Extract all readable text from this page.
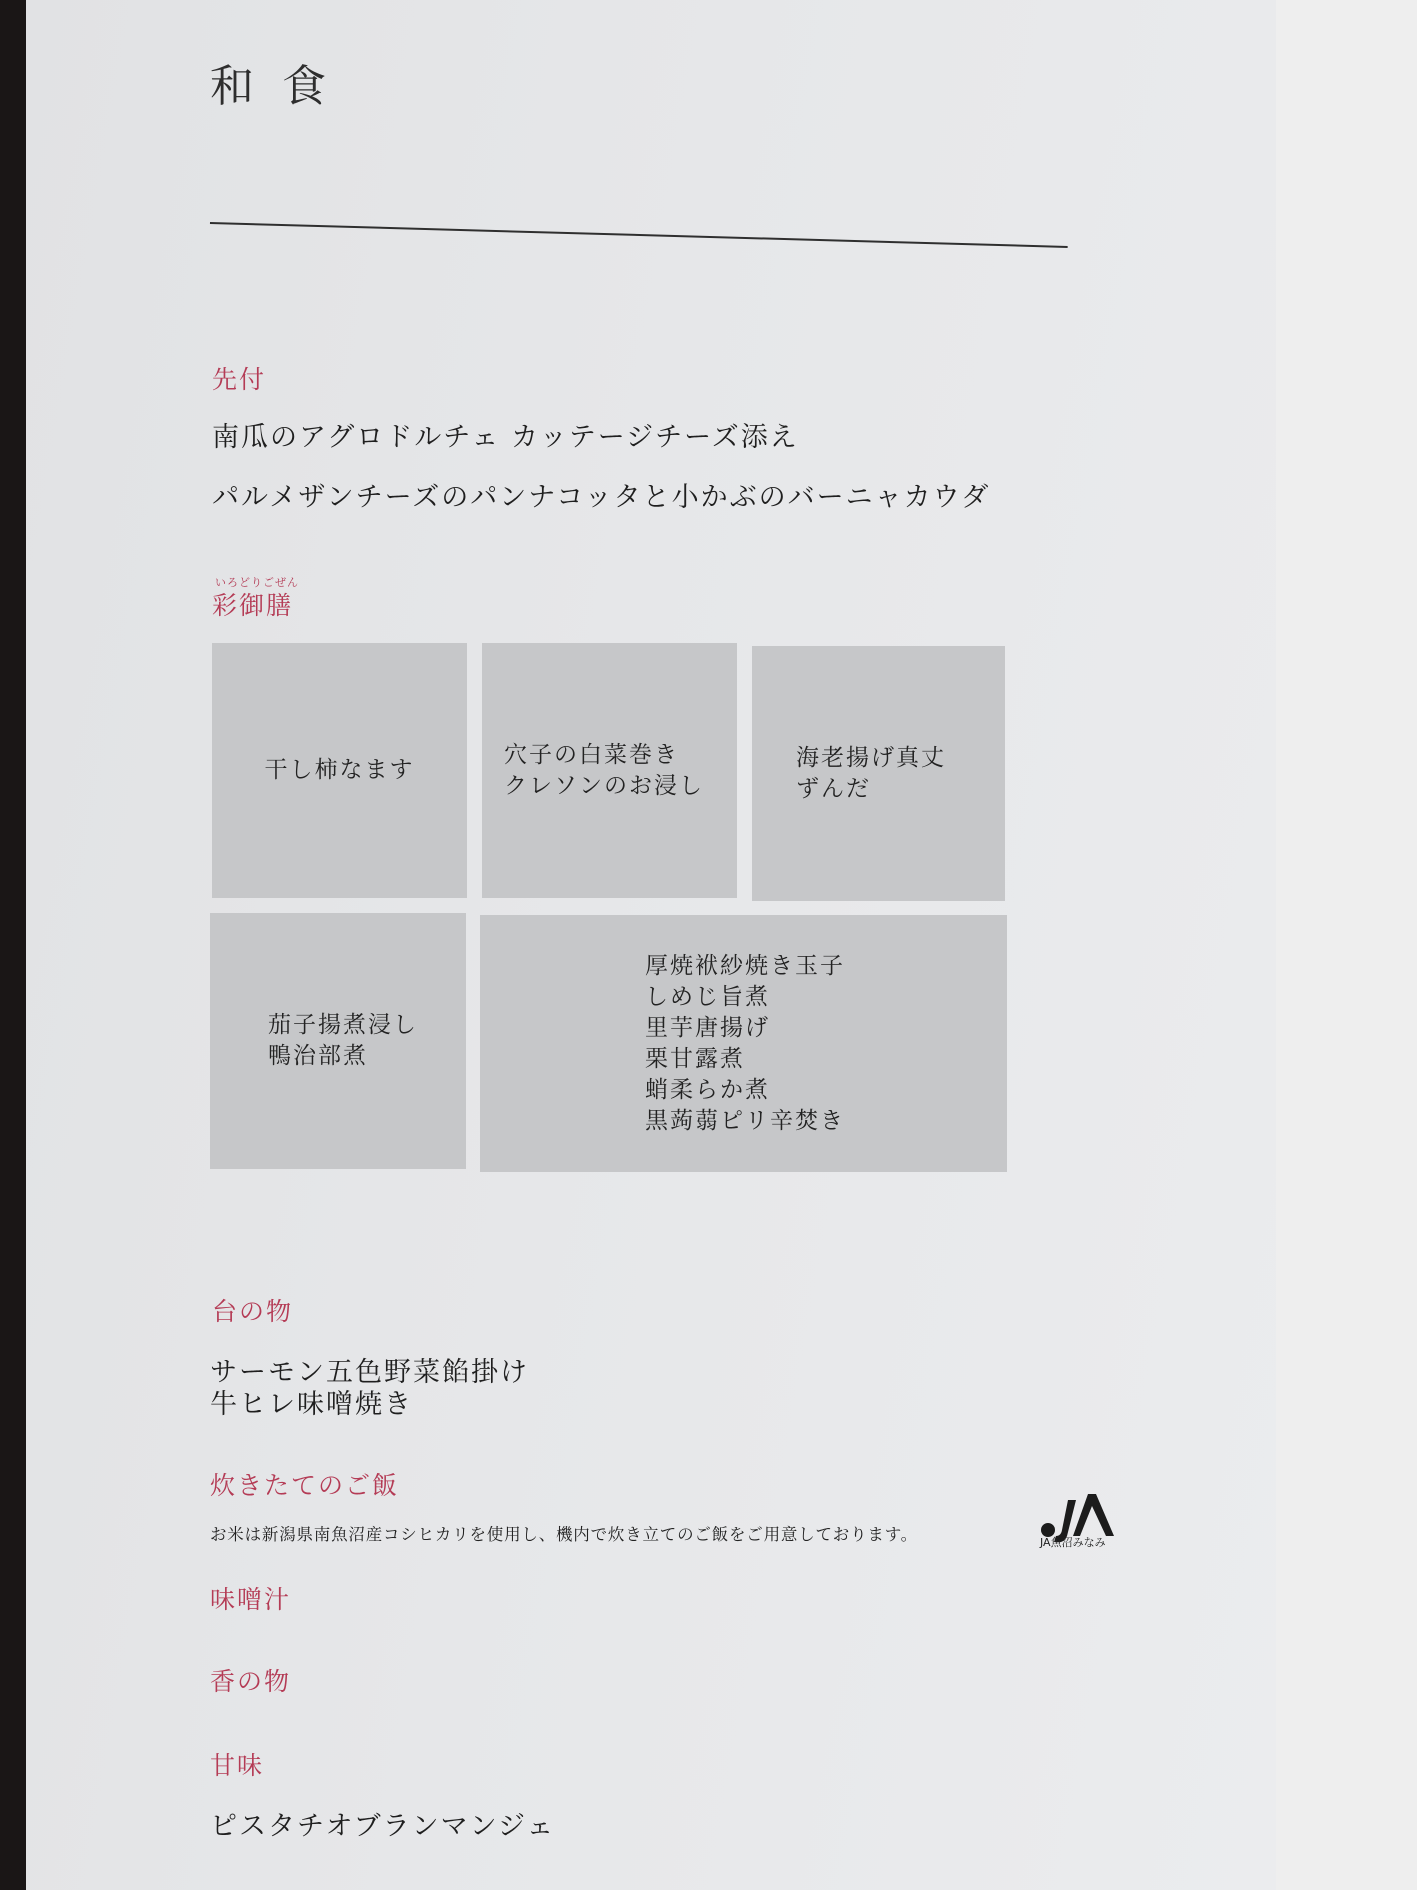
和食
先付

南瓜のアグロドルチェ カッテージチーズ添え

パルメザンチーズのパンナコッタと小かぶのバーニャカウダ

いろどりごぜん
彩御膳
干し柿なます
穴子の白菜巻き
クレソンのお浸し
海老揚げ真丈
ずんだ
茄子揚煮浸し
鴨治部煮
厚焼袱紗焼き玉子
しめじ旨煮
里芋唐揚げ
栗甘露煮
蛸柔らか煮
黒蒟蒻ピリ辛焚き
台の物

サーモン五色野菜餡掛け

牛ヒレ味噌焼き

炊きたてのご飯

お米は新潟県南魚沼産コシヒカリを使用し、機内で炊き立てのご飯をご用意しております。	JA魚沼みなみ
味噌汁
香の物
甘味

ピスタチオブランマンジェ
